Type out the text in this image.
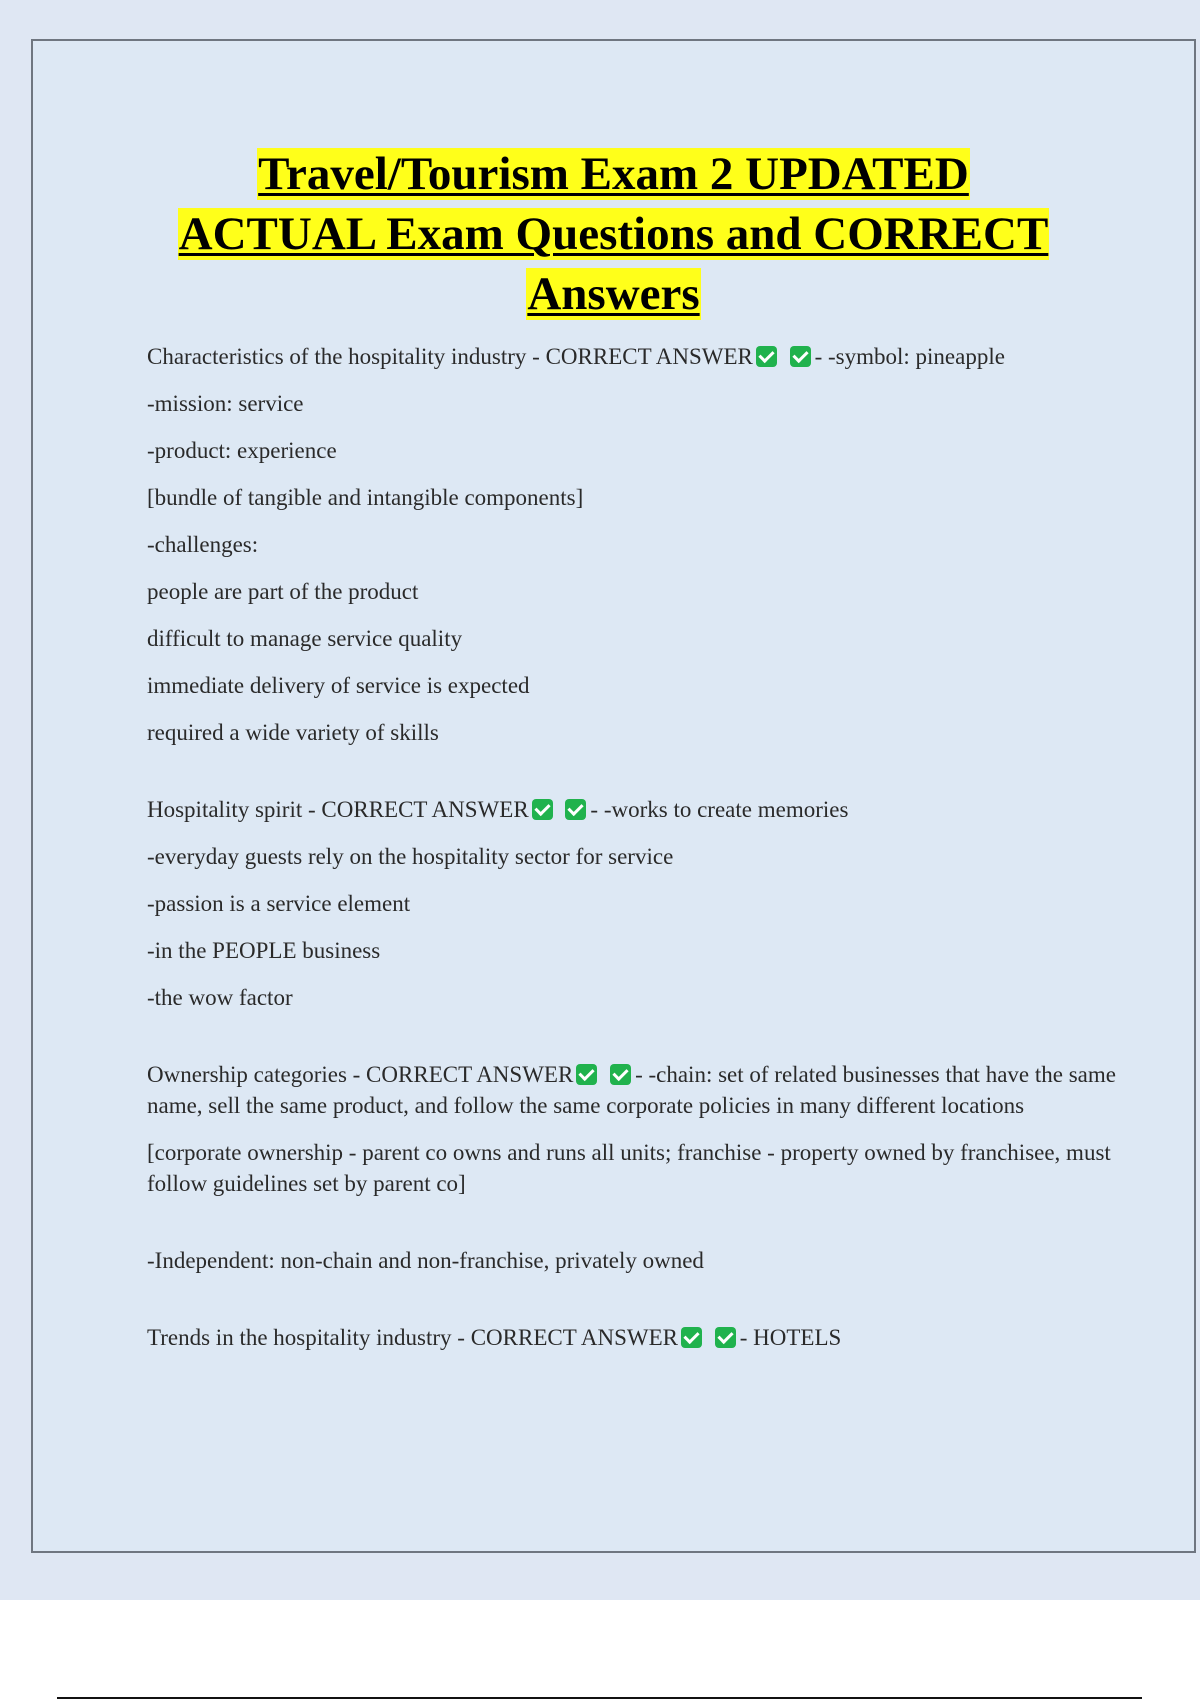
Travel/Tourism Exam 2 UPDATED
ACTUAL Exam Questions and CORRECT
Answers

Characteristics of the hospitality industry - CORRECT ANSWER	- -symbol: pineapple

-mission: service

-product: experience

[bundle of tangible and intangible components]

-challenges:

people are part of the product

difficult to manage service quality

immediate delivery of service is expected

required a wide variety of skills

Hospitality spirit - CORRECT ANSWER	- -works to create memories

-everyday guests rely on the hospitality sector for service

-passion is a service element

-in the PEOPLE business

-the wow factor

Ownership categories - CORRECT ANSWER	- -chain: set of related businesses that have the same name, sell the same product, and follow the same corporate policies in many different locations

[corporate ownership - parent co owns and runs all units; franchise - property owned by franchisee, must follow guidelines set by parent co]

-Independent: non-chain and non-franchise, privately owned

Trends in the hospitality industry - CORRECT ANSWER	- HOTELS
